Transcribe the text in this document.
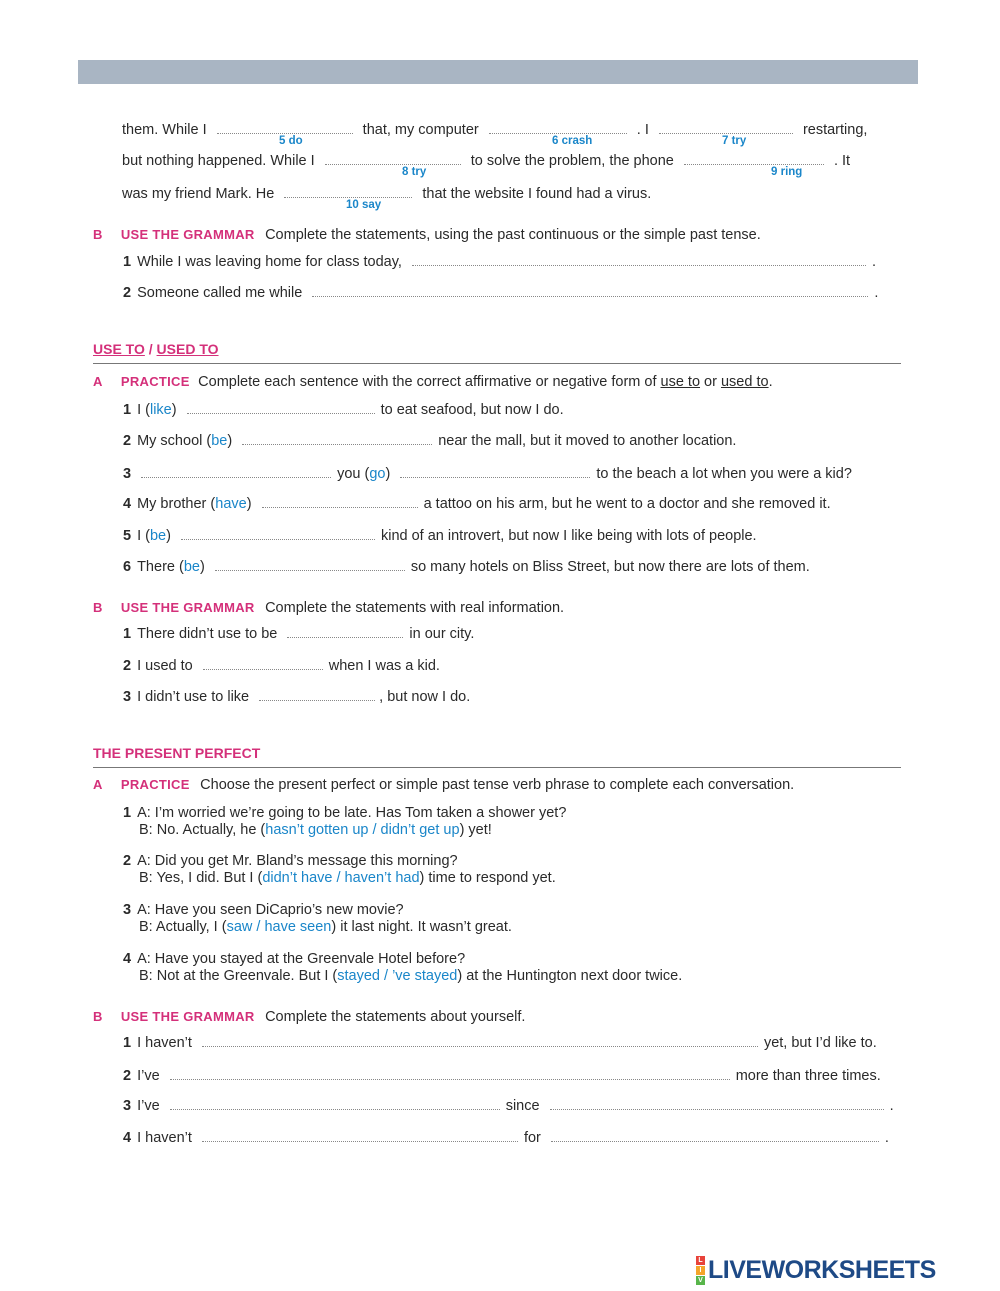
them. While I	that, my computer	. I	restarting,
5 do	6 crash	7 try
but nothing happened. While I	to solve the problem, the phone	. It
8 try	9 ring
was my friend Mark. He	that the website I found had a virus.
10 say
B USE THE GRAMMAR Complete the statements, using the past continuous or the simple past tense.
1 While I was leaving home for class today,	.
2 Someone called me while	.
USE TO / USED TO
A PRACTICE Complete each sentence with the correct affirmative or negative form of use to or used to.
1 I (like)	to eat seafood, but now I do.
2 My school (be)	near the mall, but it moved to another location.
3	you (go)	to the beach a lot when you were a kid?
4 My brother (have)	a tattoo on his arm, but he went to a doctor and she removed it.
5 I (be)	kind of an introvert, but now I like being with lots of people.
6 There (be)	so many hotels on Bliss Street, but now there are lots of them.
B USE THE GRAMMAR Complete the statements with real information.
1 There didn’t use to be	in our city.
2 I used to	when I was a kid.
3 I didn’t use to like	, but now I do.
THE PRESENT PERFECT
A PRACTICE Choose the present perfect or simple past tense verb phrase to complete each conversation.
1 A: I’m worried we’re going to be late. Has Tom taken a shower yet?
B: No. Actually, he (hasn’t gotten up / didn’t get up) yet!
2 A: Did you get Mr. Bland’s message this morning?
B: Yes, I did. But I (didn’t have / haven’t had) time to respond yet.
3 A: Have you seen DiCaprio’s new movie?
B: Actually, I (saw / have seen) it last night. It wasn’t great.
4 A: Have you stayed at the Greenvale Hotel before?
B: Not at the Greenvale. But I (stayed / ’ve stayed) at the Huntington next door twice.
B USE THE GRAMMAR Complete the statements about yourself.
1 I haven’t	yet, but I’d like to.
2 I’ve	more than three times.
3 I’ve	since	.
4 I haven’t	for	.
L
I
V LIVEWORKSHEETS
